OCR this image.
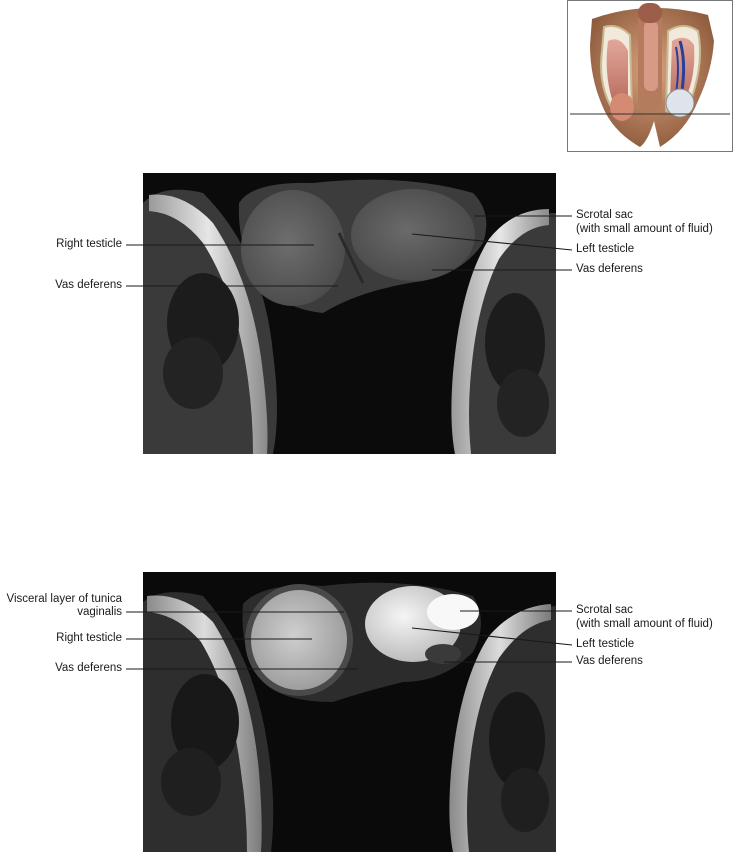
Right testicle
Vas deferens
Scrotal sac
(with small amount of fluid)
Left testicle
Vas deferens
Visceral layer of tunica
vaginalis
Right testicle
Vas deferens
Scrotal sac
(with small amount of fluid)
Left testicle
Vas deferens
